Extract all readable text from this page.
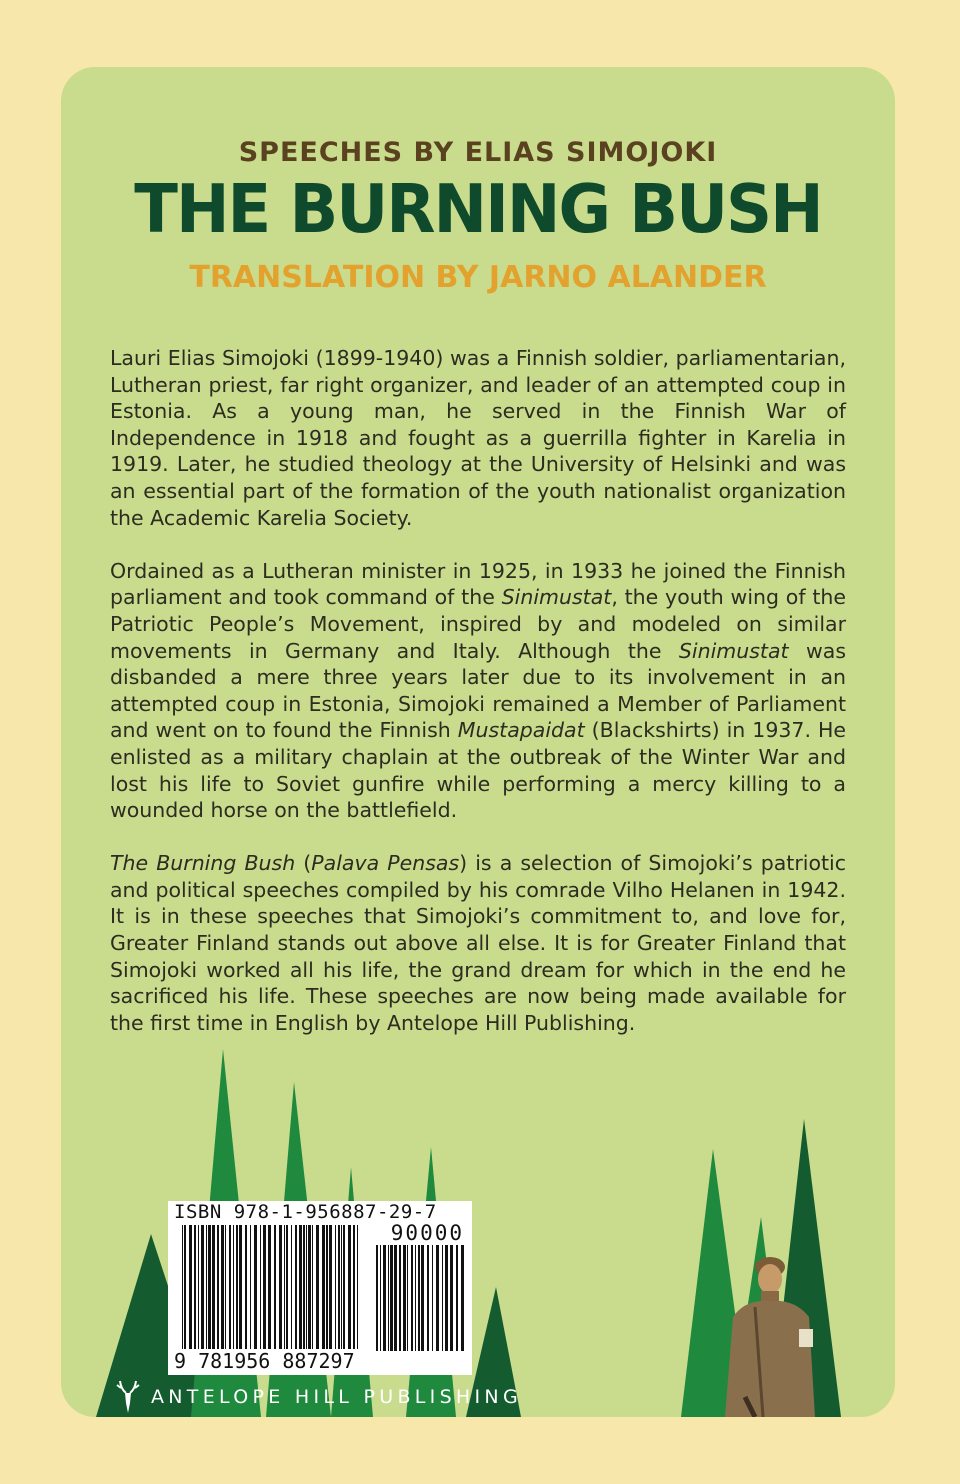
SPEECHES BY ELIAS SIMOJOKI
THE BURNING BUSH
TRANSLATION BY JARNO ALANDER

Lauri Elias Simojoki (1899-1940) was a Finnish soldier, parliamentarian, Lutheran priest, far right organizer, and leader of an attempted coup in Estonia. As a young man, he served in the Finnish War of Independence in 1918 and fought as a guerrilla fighter in Karelia in 1919. Later, he studied theology at the University of Helsinki and was an essential part of the formation of the youth nationalist organization the Academic Karelia Society.

Ordained as a Lutheran minister in 1925, in 1933 he joined the Finnish parliament and took command of the Sinimustat, the youth wing of the Patriotic People’s Movement, inspired by and modeled on similar movements in Germany and Italy. Although the Sinimustat was disbanded a mere three years later due to its involvement in an attempted coup in Estonia, Simojoki remained a Member of Parliament and went on to found the Finnish Mustapaidat (Blackshirts) in 1937. He enlisted as a military chaplain at the outbreak of the Winter War and lost his life to Soviet gunfire while performing a mercy killing to a wounded horse on the battlefield.

The Burning Bush (Palava Pensas) is a selection of Simojoki’s patriotic and political speeches compiled by his comrade Vilho Helanen in 1942. It is in these speeches that Simojoki’s commitment to, and love for, Greater Finland stands out above all else. It is for Greater Finland that Simojoki worked all his life, the grand dream for which in the end he sacrificed his life. These speeches are now being made available for the first time in English by Antelope Hill Publishing.

ISBN 978-1-956887-29-7
90000
9 781956 887297
ANTELOPE HILL PUBLISHING
